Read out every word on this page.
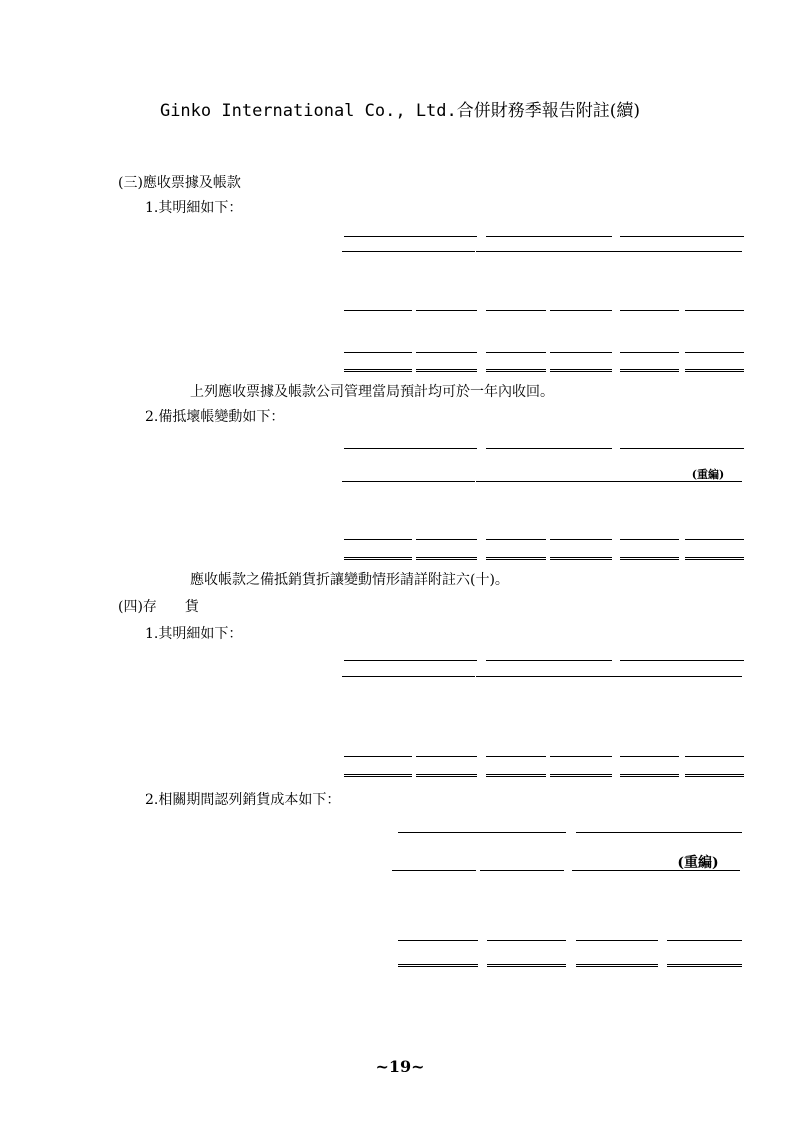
Ginko International Co., Ltd.合併財務季報告附註(續)
(三)應收票據及帳款
1.其明細如下：
上列應收票據及帳款公司管理當局預計均可於一年內收回。
2.備抵壞帳變動如下：
(重編)
應收帳款之備抵銷貨折讓變動情形請詳附註六(十)。
(四)存　　貨
1.其明細如下：
2.相關期間認列銷貨成本如下：
(重編)
~19~
